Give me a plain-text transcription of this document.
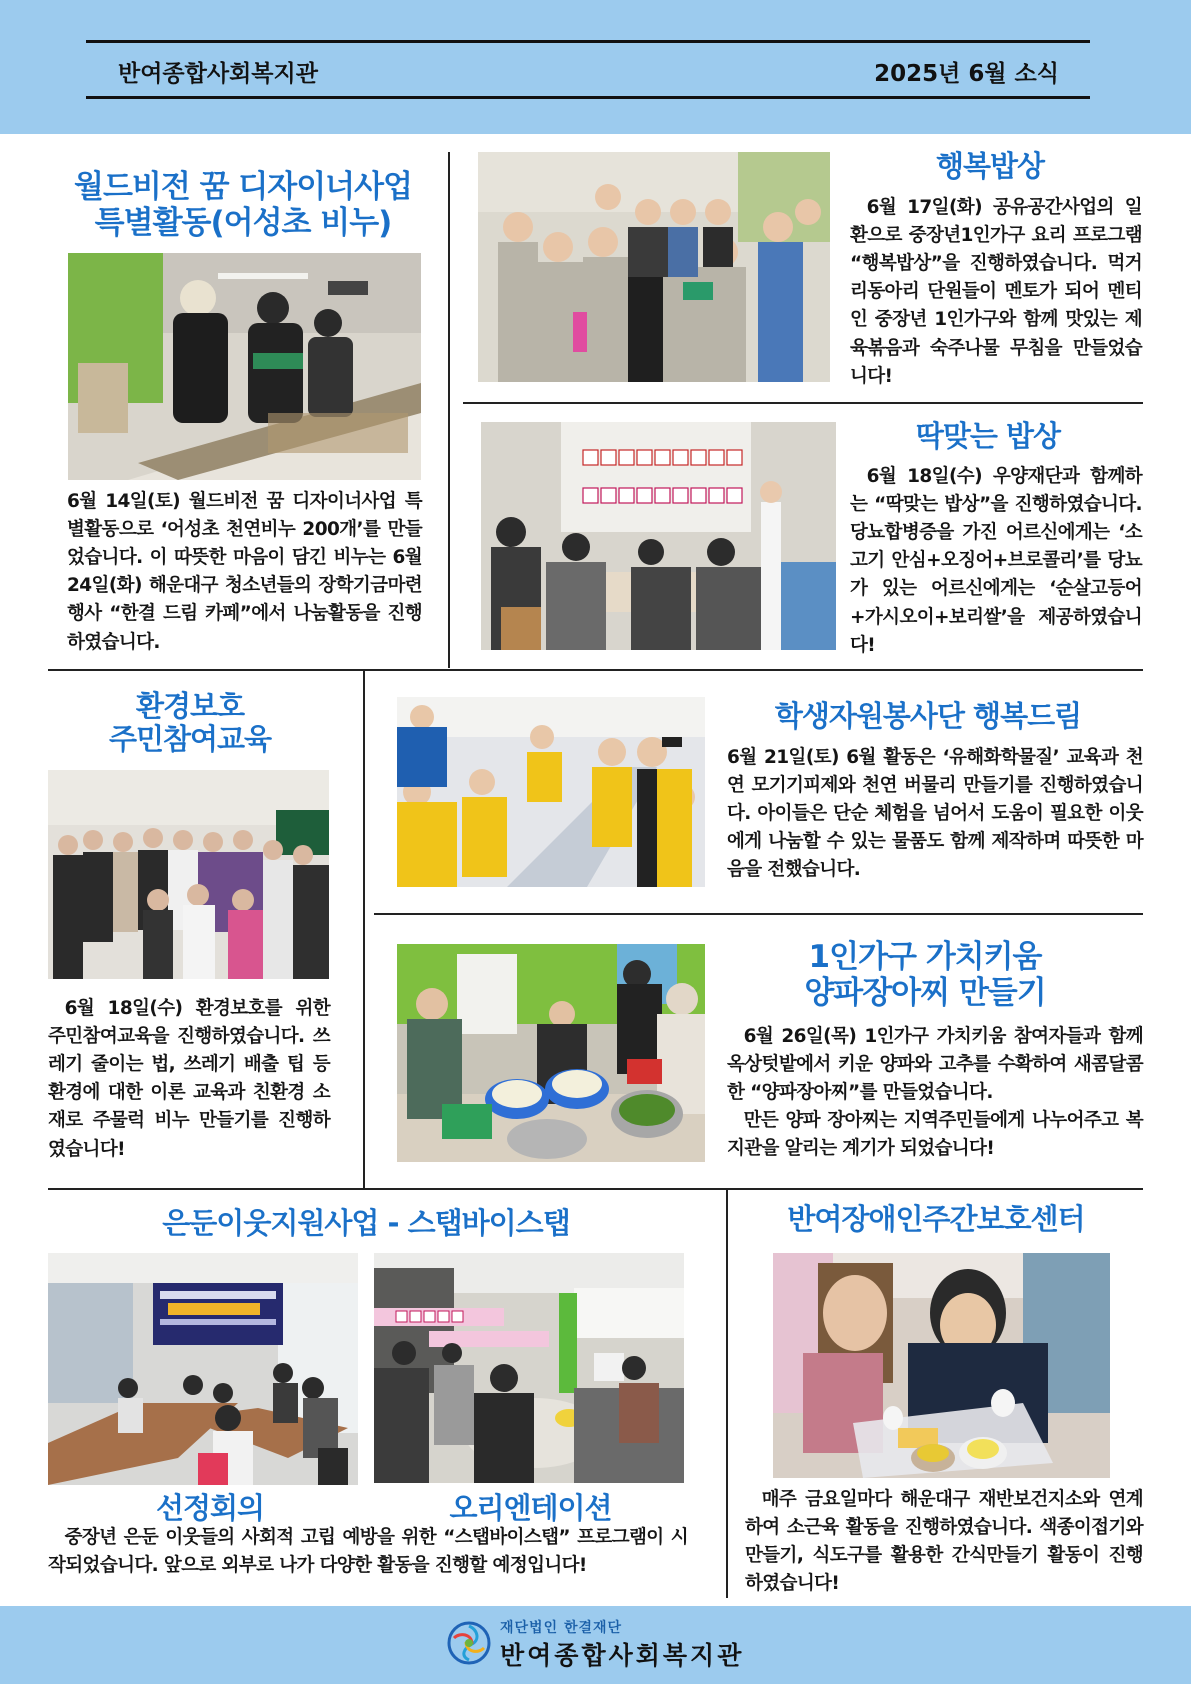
반여종합사회복지관	2025년 6월 소식
월드비전 꿈 디자이너사업
특별활동(어성초 비누)
6월 14일(토) 월드비전 꿈 디자이너사업 특별활동으로 ‘어성초 천연비누 200개’를 만들었습니다. 이 따뜻한 마음이 담긴 비누는 6월 24일(화) 해운대구 청소년들의 장학기금마련행사 “한결 드림 카페”에서 나눔활동을 진행하였습니다.
행복밥상
6월 17일(화) 공유공간사업의 일환으로 중장년1인가구 요리 프로그램 “행복밥상”을 진행하였습니다. 먹거리동아리 단원들이 멘토가 되어 멘티인 중장년 1인가구와 함께 맛있는 제육볶음과 숙주나물 무침을 만들었습니다!
딱맞는 밥상
6월 18일(수) 우양재단과 함께하는 “딱맞는 밥상”을 진행하였습니다. 당뇨합병증을 가진 어르신에게는 ‘소고기 안심+오징어+브로콜리’를 당뇨가 있는 어르신에게는 ‘순살고등어+가시오이+보리쌀’을 제공하였습니다!
환경보호
주민참여교육
6월 18일(수) 환경보호를 위한 주민참여교육을 진행하였습니다. 쓰레기 줄이는 법, 쓰레기 배출 팁 등 환경에 대한 이론 교육과 친환경 소재로 주물럭 비누 만들기를 진행하였습니다!
학생자원봉사단 행복드림
6월 21일(토) 6월 활동은 ‘유해화학물질’ 교육과 천연 모기기피제와 천연 버물리 만들기를 진행하였습니다. 아이들은 단순 체험을 넘어서 도움이 필요한 이웃에게 나눔할 수 있는 물품도 함께 제작하며 따뜻한 마음을 전했습니다.
1인가구 가치키움
양파장아찌 만들기
6월 26일(목) 1인가구 가치키움 참여자들과 함께 옥상텃밭에서 키운 양파와 고추를 수확하여 새콤달콤한 “양파장아찌”를 만들었습니다.
만든 양파 장아찌는 지역주민들에게 나누어주고 복지관을 알리는 계기가 되었습니다!
은둔이웃지원사업 - 스탭바이스탭
선정회의	오리엔테이션
중장년 은둔 이웃들의 사회적 고립 예방을 위한 “스탭바이스탭” 프로그램이 시작되었습니다. 앞으로 외부로 나가 다양한 활동을 진행할 예정입니다!
반여장애인주간보호센터
매주 금요일마다 해운대구 재반보건지소와 연계하여 소근육 활동을 진행하였습니다. 색종이접기와 만들기, 식도구를 활용한 간식만들기 활동이 진행하였습니다!
재단법인 한결재단
반여종합사회복지관
